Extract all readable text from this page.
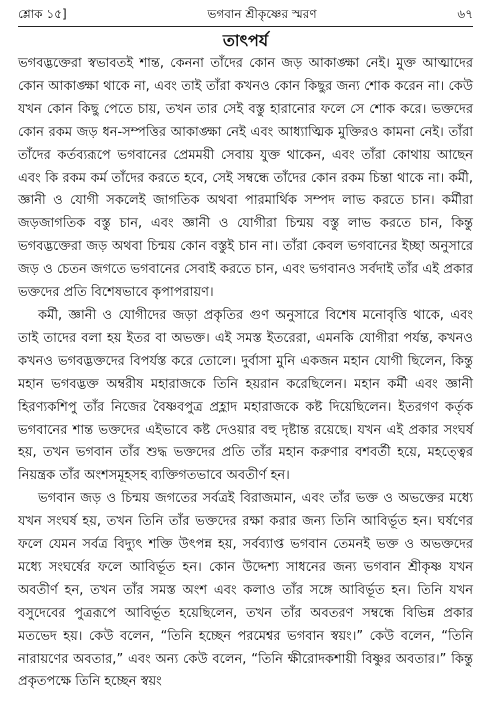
শ্লোক ১৫]	ভগবান শ্রীকৃষ্ণের স্মরণ	৬৭
তাৎপর্য

ভগবদ্ভক্তেরা স্বভাবতই শান্ত, কেননা তাঁদের কোন জড় আকাঙ্ক্ষা নেই। মুক্ত আত্মাদের কোন আকাঙ্ক্ষা থাকে না, এবং তাই তাঁরা কখনও কোন কিছুর জন্য শোক করেন না। কেউ যখন কোন কিছু পেতে চায়, তখন তার সেই বস্তু হারানোর ফলে সে শোক করে। ভক্তদের কোন রকম জড় ধন-সম্পত্তির আকাঙ্ক্ষা নেই এবং আধ্যাত্মিক মুক্তিরও কামনা নেই। তাঁরা তাঁদের কর্তব্যরূপে ভগবানের প্রেমময়ী সেবায় যুক্ত থাকেন, এবং তাঁরা কোথায় আছেন এবং কি রকম কর্ম তাঁদের করতে হবে, সেই সম্বন্ধে তাঁদের কোন রকম চিন্তা থাকে না। কর্মী, জ্ঞানী ও যোগী সকলেই জাগতিক অথবা পারমার্থিক সম্পদ লাভ করতে চান। কর্মীরা জড়জাগতিক বস্তু চান, এবং জ্ঞানী ও যোগীরা চিন্ময় বস্তু লাভ করতে চান, কিন্তু ভগবদ্ভক্তেরা জড় অথবা চিন্ময় কোন বস্তুই চান না। তাঁরা কেবল ভগবানের ইচ্ছা অনুসারে জড় ও চেতন জগতে ভগবানের সেবাই করতে চান, এবং ভগবানও সর্বদাই তাঁর এই প্রকার ভক্তদের প্রতি বিশেষভাবে কৃপাপরায়ণ।

কর্মী, জ্ঞানী ও যোগীদের জড়া প্রকৃতির গুণ অনুসারে বিশেষ মনোবৃত্তি থাকে, এবং তাই তাদের বলা হয় ইতর বা অভক্ত। এই সমস্ত ইতরেরা, এমনকি যোগীরা পর্যন্ত, কখনও কখনও ভগবদ্ভক্তদের বিপর্যস্ত করে তোলে। দুর্বাসা মুনি একজন মহান যোগী ছিলেন, কিন্তু মহান ভগবদ্ভক্ত অম্বরীষ মহারাজকে তিনি হয়রান করেছিলেন। মহান কর্মী এবং জ্ঞানী হিরণ্যকশিপু তাঁর নিজের বৈষ্ণবপুত্র প্রহ্লাদ মহারাজকে কষ্ট দিয়েছিলেন। ইতরগণ কর্তৃক ভগবানের শান্ত ভক্তদের এইভাবে কষ্ট দেওয়ার বহু দৃষ্টান্ত রয়েছে। যখন এই প্রকার সংঘর্ষ হয়, তখন ভগবান তাঁর শুদ্ধ ভক্তদের প্রতি তাঁর মহান করুণার বশবর্তী হয়ে, মহত্ত্বের নিয়ন্ত্রক তাঁর অংশসমূহসহ ব্যক্তিগতভাবে অবতীর্ণ হন।

ভগবান জড় ও চিন্ময় জগতের সর্বত্রই বিরাজমান, এবং তাঁর ভক্ত ও অভক্তের মধ্যে যখন সংঘর্ষ হয়, তখন তিনি তাঁর ভক্তদের রক্ষা করার জন্য তিনি আবির্ভূত হন। ঘর্ষণের ফলে যেমন সর্বত্র বিদ্যুৎ শক্তি উৎপন্ন হয়, সর্বব্যাপ্ত ভগবান তেমনই ভক্ত ও অভক্তদের মধ্যে সংঘর্ষের ফলে আবির্ভূত হন। কোন উদ্দেশ্য সাধনের জন্য ভগবান শ্রীকৃষ্ণ যখন অবতীর্ণ হন, তখন তাঁর সমস্ত অংশ এবং কলাও তাঁর সঙ্গে আবির্ভূত হন। তিনি যখন বসুদেবের পুত্ররূপে আবির্ভূত হয়েছিলেন, তখন তাঁর অবতরণ সম্বন্ধে বিভিন্ন প্রকার মতভেদ হয়। কেউ বলেন, “তিনি হচ্ছেন পরমেশ্বর ভগবান স্বয়ং।” কেউ বলেন, “তিনি নারায়ণের অবতার,” এবং অন্য কেউ বলেন, “তিনি ক্ষীরোদকশায়ী বিষ্ণুর অবতার।” কিন্তু প্রকৃতপক্ষে তিনি হচ্ছেন স্বয়ং
